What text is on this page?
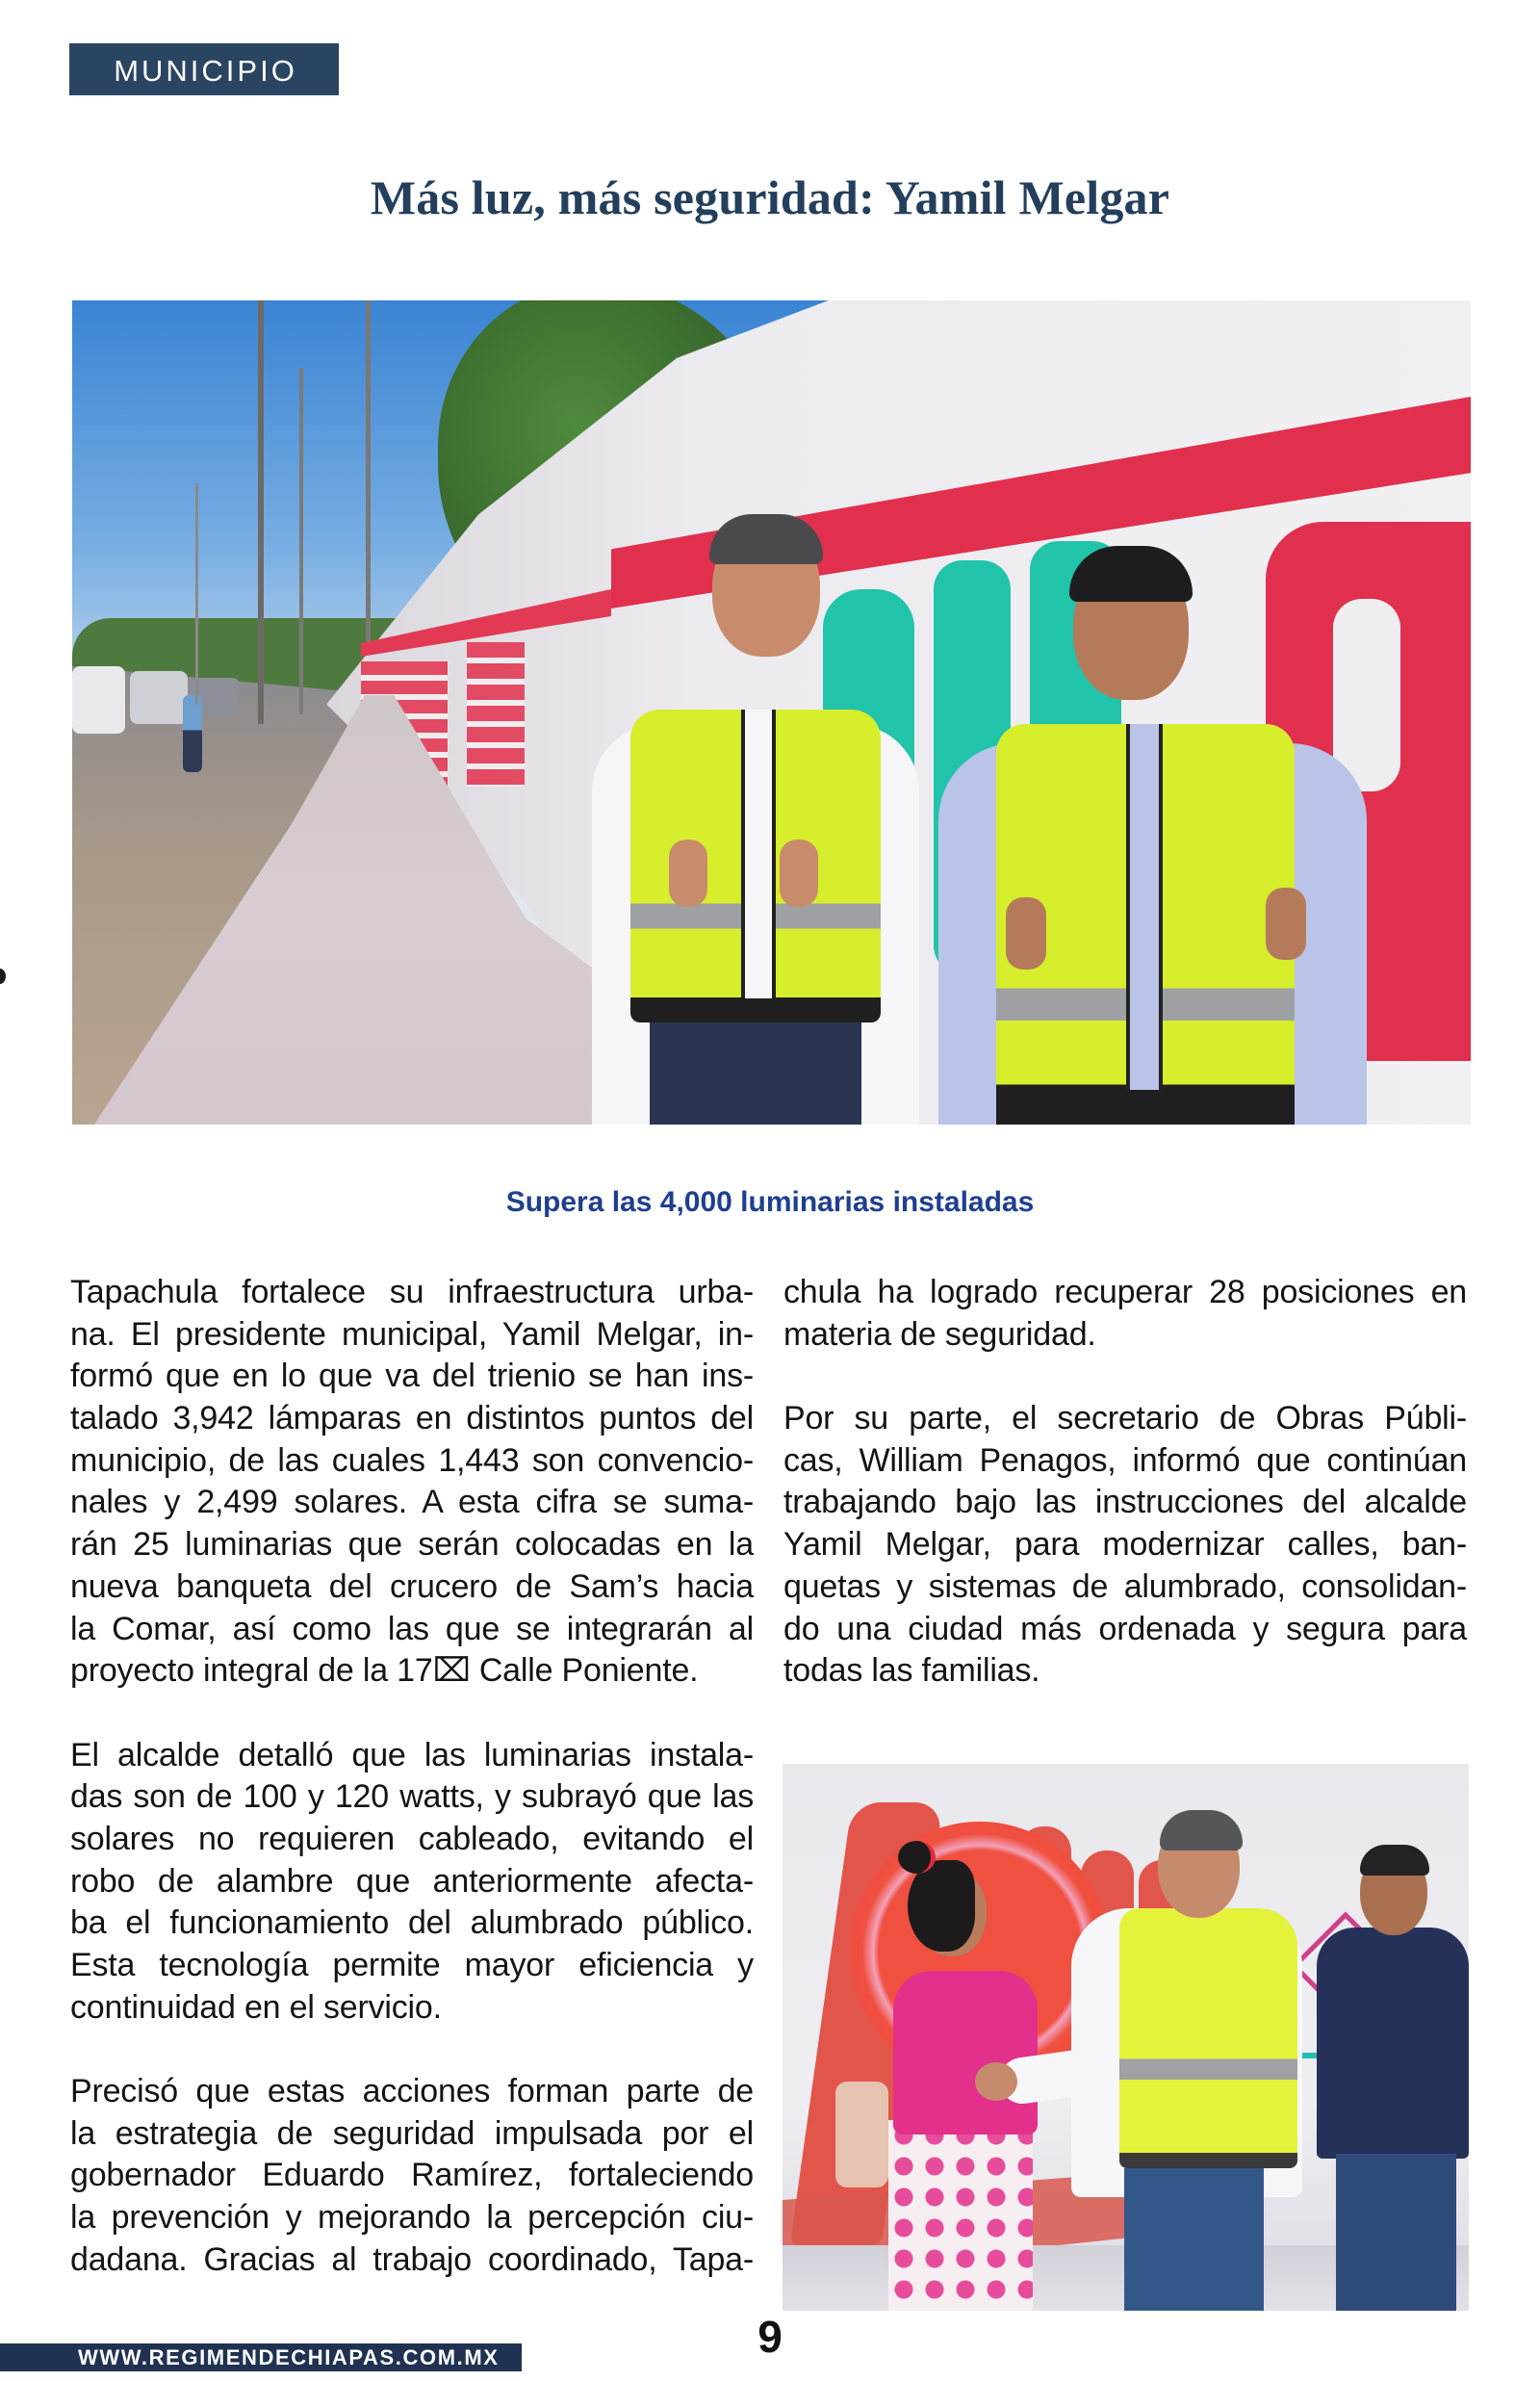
MUNICIPIO
Más luz, más seguridad: Yamil Melgar
Supera las 4,000 luminarias instaladas
Tapachula fortalece su infraestructura urba-
na. El presidente municipal, Yamil Melgar, in-
formó que en lo que va del trienio se han ins-
talado 3,942 lámparas en distintos puntos del
municipio, de las cuales 1,443 son convencio-
nales y 2,499 solares. A esta cifra se suma-
rán 25 luminarias que serán colocadas en la
nueva banqueta del crucero de Sam’s hacia
la Comar, así como las que se integrarán al
proyecto integral de la 17⌧ Calle Poniente.
El alcalde detalló que las luminarias instala-
das son de 100 y 120 watts, y subrayó que las
solares no requieren cableado, evitando el
robo de alambre que anteriormente afecta-
ba el funcionamiento del alumbrado público.
Esta tecnología permite mayor eficiencia y
continuidad en el servicio.
Precisó que estas acciones forman parte de
la estrategia de seguridad impulsada por el
gobernador Eduardo Ramírez, fortaleciendo
la prevención y mejorando la percepción ciu-
dadana. Gracias al trabajo coordinado, Tapa-
chula ha logrado recuperar 28 posiciones en
materia de seguridad.
Por su parte, el secretario de Obras Públi-
cas, William Penagos, informó que continúan
trabajando bajo las instrucciones del alcalde
Yamil Melgar, para modernizar calles, ban-
quetas y sistemas de alumbrado, consolidan-
do una ciudad más ordenada y segura para
todas las familias.
WWW.REGIMENDECHIAPAS.COM.MX	9
